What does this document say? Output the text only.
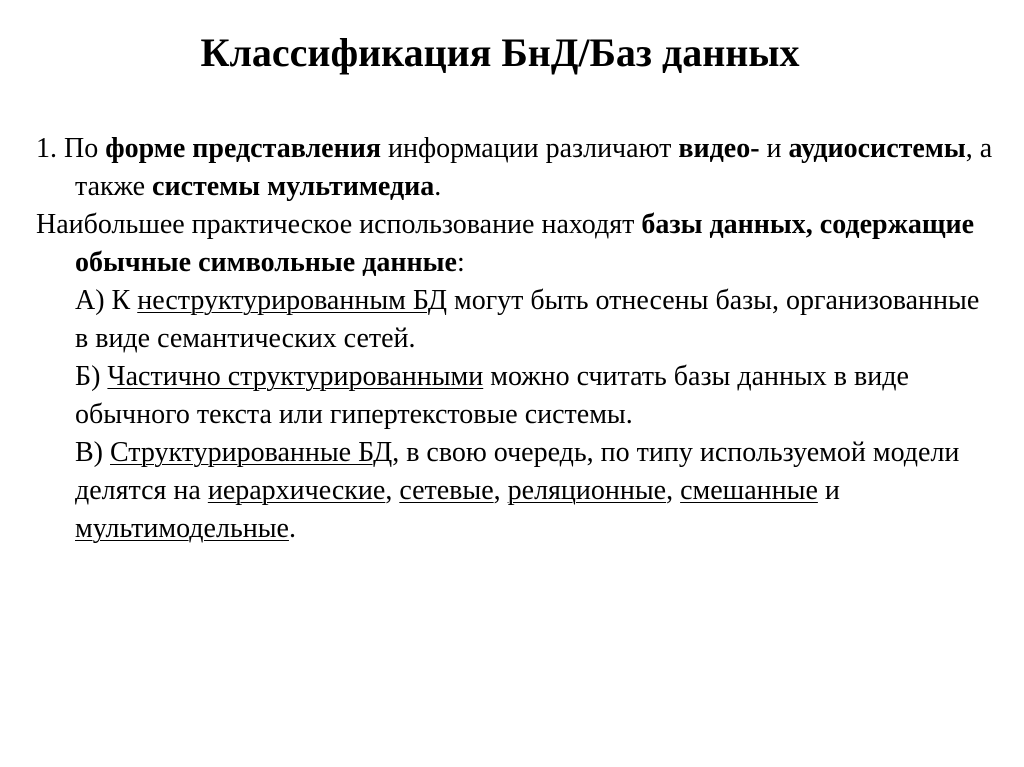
Классификация БнД/Баз данных

1. По форме представления информации различают видео- и аудиосистемы, а также системы мультимедиа.

Наибольшее практическое использование находят базы данных, содержащие обычные символьные данные:

А) К неструктурированным БД могут быть отнесены базы, организованные в виде семантических сетей.

Б) Частично структурированными можно считать базы данных в виде обычного текста или гипертекстовые системы.

В) Структурированные БД, в свою очередь, по типу используемой модели делятся на иерархические, сетевые, реляционные, смешанные и мультимодельные.
